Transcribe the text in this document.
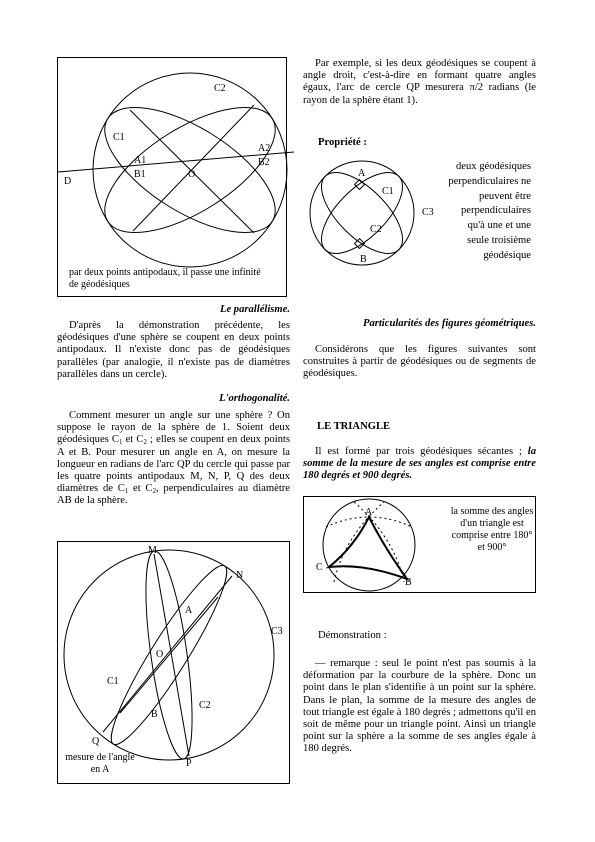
C2
C1
A1
B1
A2
B2
O
D
par deux points antipodaux, il passe une infinité de géodésiques
Le parallélisme.
D'après la démonstration précédente, les géodésiques d'une sphère se coupent en deux points antipodaux. Il n'existe donc pas de géodésiques parallèles (par analogie, il n'existe pas de diamètres parallèles dans un cercle).
L'orthogonalité.
Comment mesurer un angle sur une sphère ? On suppose le rayon de la sphère de 1. Soient deux géodésiques $C_1$ et $C_2$ ; elles se coupent en deux points A et B. Pour mesurer un angle en A, on mesure la longueur en radians de l'arc QP du cercle qui passe par les quatre points antipodaux M, N, P, Q des deux diamètres de $C_1$ et $C_2$, perpendiculaires au diamètre AB de la sphère.
M
N
A
O
C3
C1
B
C2
Q
P
mesure de l'angle en A
Par exemple, si les deux géodésiques se coupent à angle droit, c'est-à-dire en formant quatre angles égaux, l'arc de cercle QP mesurera π/2 radians (le rayon de la sphère étant 1).
Propriété :
A
C1
C3
C2
B
deux géodésiques perpendiculaires ne peuvent être perpendiculaires qu'à une et une seule troisième géodésique
Particularités des figures géométriques.
Considérons que les figures suivantes sont construites à partir de géodésiques ou de segments de géodésiques.
LE TRIANGLE
Il est formé par trois géodésiques sécantes ; la somme de la mesure de ses angles est comprise entre 180 degrés et 900 degrés.
A
C
B
la somme des angles d'un triangle est comprise entre 180° et 900°
Démonstration :
— remarque : seul le point n'est pas soumis à la déformation par la courbure de la sphère. Donc un point dans le plan s'identifie à un point sur la sphère. Dans le plan, la somme de la mesure des angles de tout triangle est égale à 180 degrés ; admettons qu'il en soit de même pour un triangle point. Ainsi un triangle point sur la sphère a la somme de ses angles égale à 180 degrés.
